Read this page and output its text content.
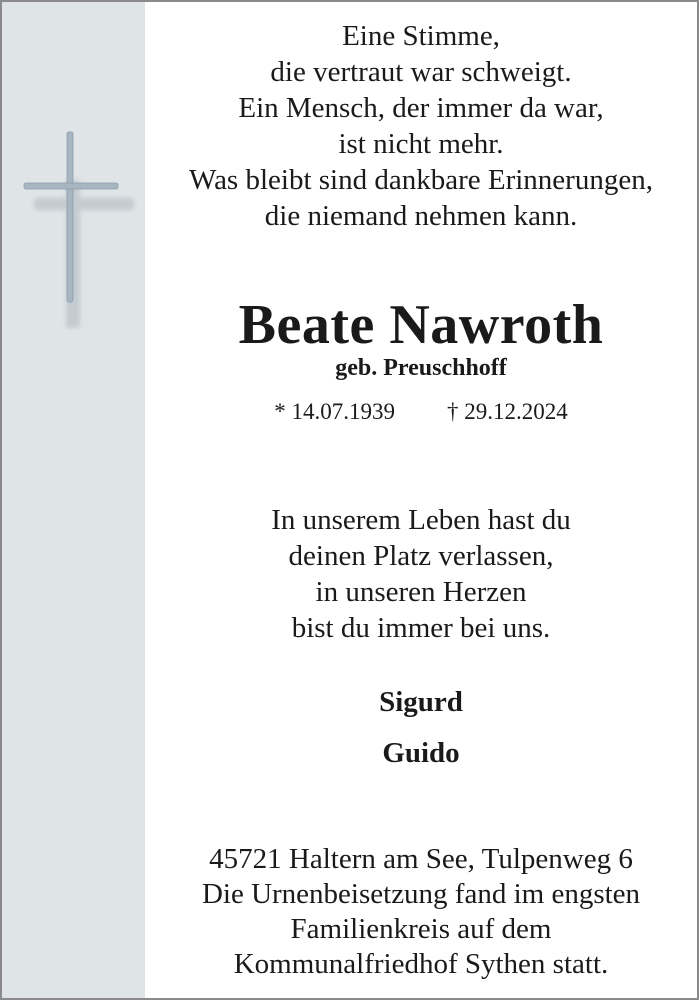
Eine Stimme,
die vertraut war schweigt.
Ein Mensch, der immer da war,
ist nicht mehr.
Was bleibt sind dankbare Erinnerungen,
die niemand nehmen kann.
Beate Nawroth
geb. Preuschhoff
* 14.07.1939 † 29.12.2024
In unserem Leben hast du
deinen Platz verlassen,
in unseren Herzen
bist du immer bei uns.
Sigurd
Guido
45721 Haltern am See, Tulpenweg 6
Die Urnenbeisetzung fand im engsten
Familienkreis auf dem
Kommunalfriedhof Sythen statt.
